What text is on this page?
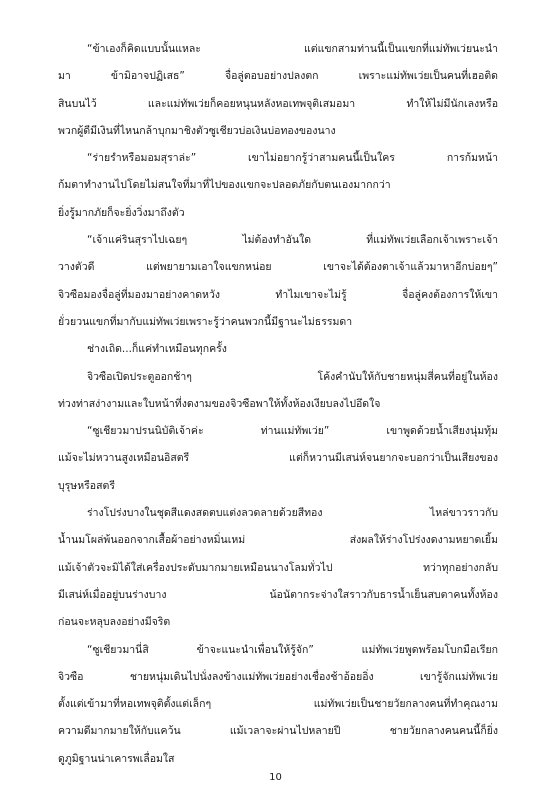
“ข้าเองก็คิดแบบนั้นแหละ แต่แขกสามท่านนี้เป็นแขกที่แม่ทัพเว่ยนะนำ
มา ข้ามิอาจปฏิเสธ” จื่อลู่ตอบอย่างปลงตก เพราะแม่ทัพเว่ยเป็นคนที่เฮอติด
สินบนไว้ และแม่ทัพเว่ยก็คอยหนุนหลังหอเทพจุติเสมอมา ทำให้ไม่มีนักเลงหรือ
พวกผู้ดีมีเงินที่ไหนกล้าบุกมาชิงตัวซูเชียวบ่อเงินบ่อทองของนาง
“ร่ายรำหรือมอมสุราล่ะ” เขาไม่อยากรู้ว่าสามคนนี้เป็นใคร การก้มหน้า
ก้มตาทำงานไปโดยไม่สนใจที่มาที่ไปของแขกจะปลอดภัยกับตนเองมากกว่า
ยิ่งรู้มากภัยก็จะยิ่งวิ่งมาถึงตัว
“เจ้าแค่รินสุราไปเฉยๆ ไม่ต้องทำอันใด ที่แม่ทัพเว่ยเลือกเจ้าเพราะเจ้า
วางตัวดี แต่พยายามเอาใจแขกหน่อย เขาจะได้ต้องตาเจ้าแล้วมาหาอีกบ่อยๆ”
จิวซือมองจื่อลู่ที่มองมาอย่างคาดหวัง ทำไมเขาจะไม่รู้ จื่อลู่คงต้องการให้เขา
ยั่วยวนแขกที่มากับแม่ทัพเว่ยเพราะรู้ว่าคนพวกนี้มีฐานะไม่ธรรมดา
ช่างเถิด...ก็แค่ทำเหมือนทุกครั้ง
จิวซือเปิดประตูออกช้าๆ โค้งคำนับให้กับชายหนุ่มสี่คนที่อยู่ในห้อง
ท่วงท่าสง่างามและใบหน้าที่งดงามของจิวซือพาให้ทั้งห้องเงียบลงไปอึดใจ
“ซูเชียวมาปรนนิบัติเจ้าค่ะ ท่านแม่ทัพเว่ย” เขาพูดด้วยน้ำเสียงนุ่มทุ้ม
แม้จะไม่หวานสูงเหมือนอิสตรี แต่ก็หวานมีเสน่ห์จนยากจะบอกว่าเป็นเสียงของ
บุรุษหรือสตรี
ร่างโปร่งบางในชุดสีแดงสดตบแต่งลวดลายด้วยสีทอง ไหล่ขาวราวกับ
น้ำนมโผล่พ้นออกจากเสื้อผ้าอย่างหมิ่นเหม่ ส่งผลให้ร่างโปร่งงดงามหยาดเยิ้ม
แม้เจ้าตัวจะมิได้ใส่เครื่องประดับมากมายเหมือนนางโลมทั่วไป ทว่าทุกอย่างกลับ
มีเสน่ห์เมื่ออยู่บนร่างบาง น้อนัตากระจ่างใสราวกับธารน้ำเย็นสบตาคนทั้งห้อง
ก่อนจะหลุบลงอย่างมีจริต
“ซูเชียวมานี่สิ ข้าจะแนะนำเพื่อนให้รู้จัก” แม่ทัพเว่ยพูดพร้อมโบกมือเรียก
จิวซือ ชายหนุ่มเดินไปนั่งลงข้างแม่ทัพเว่ยอย่างเชื่องช้าอ้อยอิ่ง เขารู้จักแม่ทัพเว่ย
ตั้งแต่เข้ามาที่หอเทพจุติตั้งแต่เล็กๆ แม่ทัพเว่ยเป็นชายวัยกลางคนที่ทำคุณงาม
ความดีมากมายให้กับแคว้น แม้เวลาจะผ่านไปหลายปี ชายวัยกลางคนคนนี้ก็ยิ่ง
ดูภูมิฐานน่าเคารพเลื่อมใส
10
